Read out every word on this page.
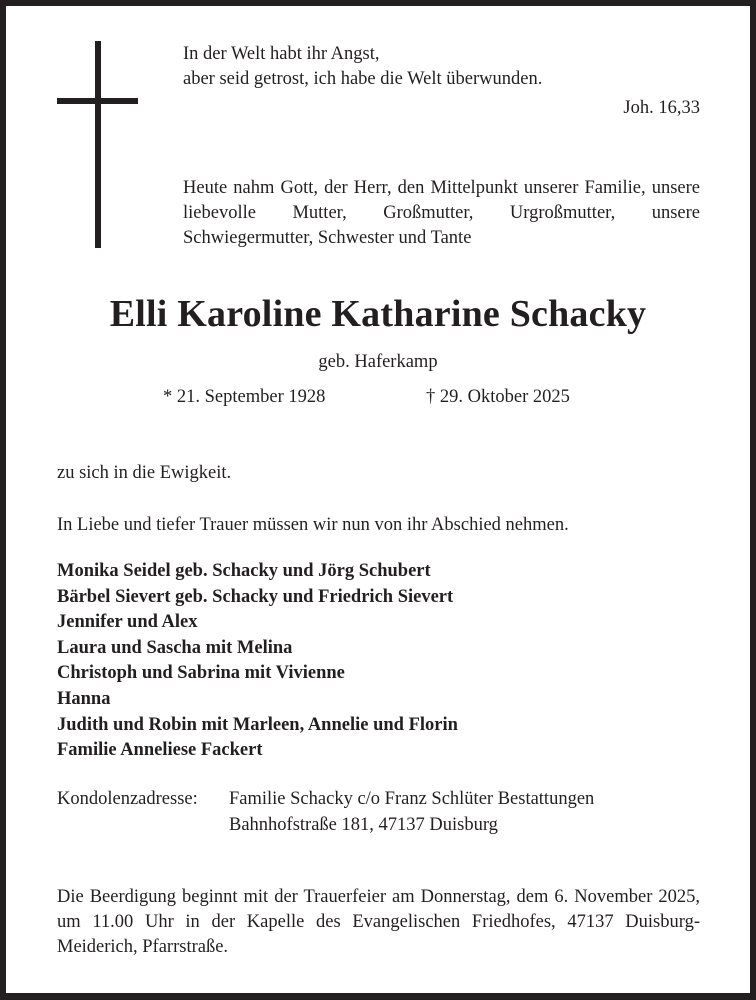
In der Welt habt ihr Angst,
aber seid getrost, ich habe die Welt überwunden.
Joh. 16,33
Heute nahm Gott, der Herr, den Mittelpunkt unserer Familie, unsere liebevolle Mutter, Großmutter, Urgroßmutter, unsere Schwiegermutter, Schwester und Tante
Elli Karoline Katharine Schacky
geb. Haferkamp
* 21. September 1928	† 29. Oktober 2025
zu sich in die Ewigkeit.
In Liebe und tiefer Trauer müssen wir nun von ihr Abschied nehmen.
Monika Seidel geb. Schacky und Jörg Schubert
Bärbel Sievert geb. Schacky und Friedrich Sievert
Jennifer und Alex
Laura und Sascha mit Melina
Christoph und Sabrina mit Vivienne
Hanna
Judith und Robin mit Marleen, Annelie und Florin
Familie Anneliese Fackert
Kondolenzadresse: Familie Schacky c/o Franz Schlüter Bestattungen
Bahnhofstraße 181, 47137 Duisburg
Die Beerdigung beginnt mit der Trauerfeier am Donnerstag, dem 6. November 2025, um 11.00 Uhr in der Kapelle des Evangelischen Friedhofes, 47137 Duisburg-Meiderich, Pfarrstraße.
